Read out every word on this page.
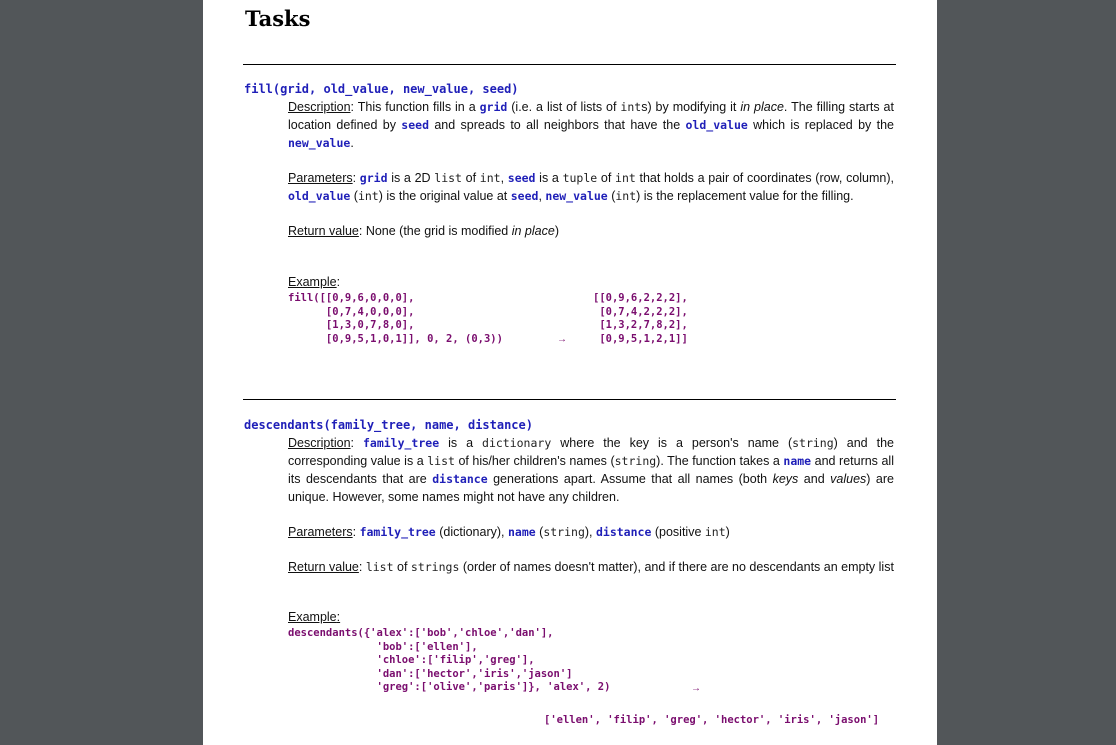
Tasks
fill(grid, old_value, new_value, seed)

Description: This function fills in a grid (i.e. a list of lists of ints) by modifying it in place. The filling starts at location defined by seed and spreads to all neighbors that have the old_value which is replaced by the new_value.

Parameters: grid is a 2D list of int, seed is a tuple of int that holds a pair of coordinates (row, column), old_value (int) is the original value at seed, new_value (int) is the replacement value for the filling.

Return value: None (the grid is modified in place)

Example:
fill([[0,9,6,0,0,0],
[0,7,4,0,0,0],
[1,3,0,7,8,0],
[0,9,5,1,0,1]], 0, 2, (0,3))	→
[[0,9,6,2,2,2],
[0,7,4,2,2,2],
[1,3,2,7,8,2],
[0,9,5,1,2,1]]
descendants(family_tree, name, distance)

Description: family_tree is a dictionary where the key is a person's name (string) and the corresponding value is a list of his/her children's names (string). The function takes a name and returns all its descendants that are distance generations apart. Assume that all names (both keys and values) are unique. However, some names might not have any children.

Parameters: family_tree (dictionary), name (string), distance (positive int)

Return value: list of strings (order of names doesn't matter), and if there are no descendants an empty list

Example:
descendants({'alex':['bob','chloe','dan'],
'bob':['ellen'],
'chloe':['filip','greg'],
'dan':['hector','iris','jason']
'greg':['olive','paris']}, 'alex', 2)	→
['ellen', 'filip', 'greg', 'hector', 'iris', 'jason']
